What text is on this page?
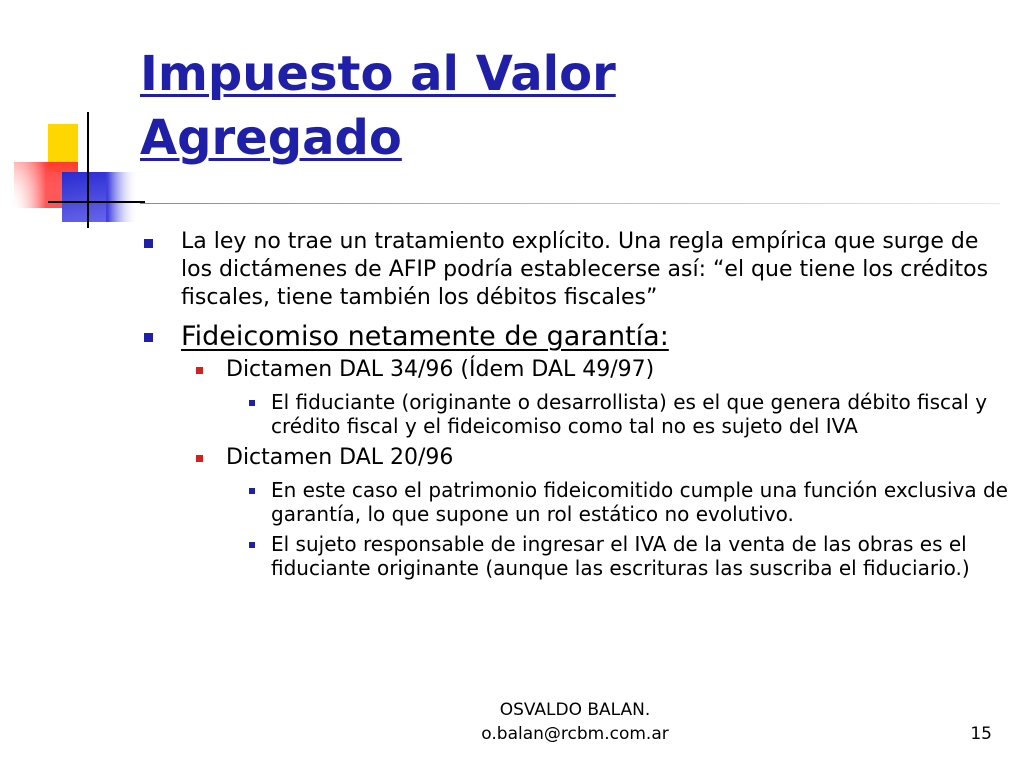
Impuesto al Valor
Agregado
La ley no trae un tratamiento explícito. Una regla empírica que surge de los dictámenes de AFIP podría establecerse así: “el que tiene los créditos fiscales, tiene también los débitos fiscales”
Fideicomiso netamente de garantía:
Dictamen DAL 34/96 (Ídem DAL 49/97)
El fiduciante (originante o desarrollista) es el que genera débito fiscal y crédito fiscal y el fideicomiso como tal no es sujeto del IVA
Dictamen DAL 20/96
En este caso el patrimonio fideicomitido cumple una función exclusiva de garantía, lo que supone un rol estático no evolutivo.
El sujeto responsable de ingresar el IVA de la venta de las obras es el fiduciante originante (aunque las escrituras las suscriba el fiduciario.)
OSVALDO BALAN.
o.balan@rcbm.com.ar	15
